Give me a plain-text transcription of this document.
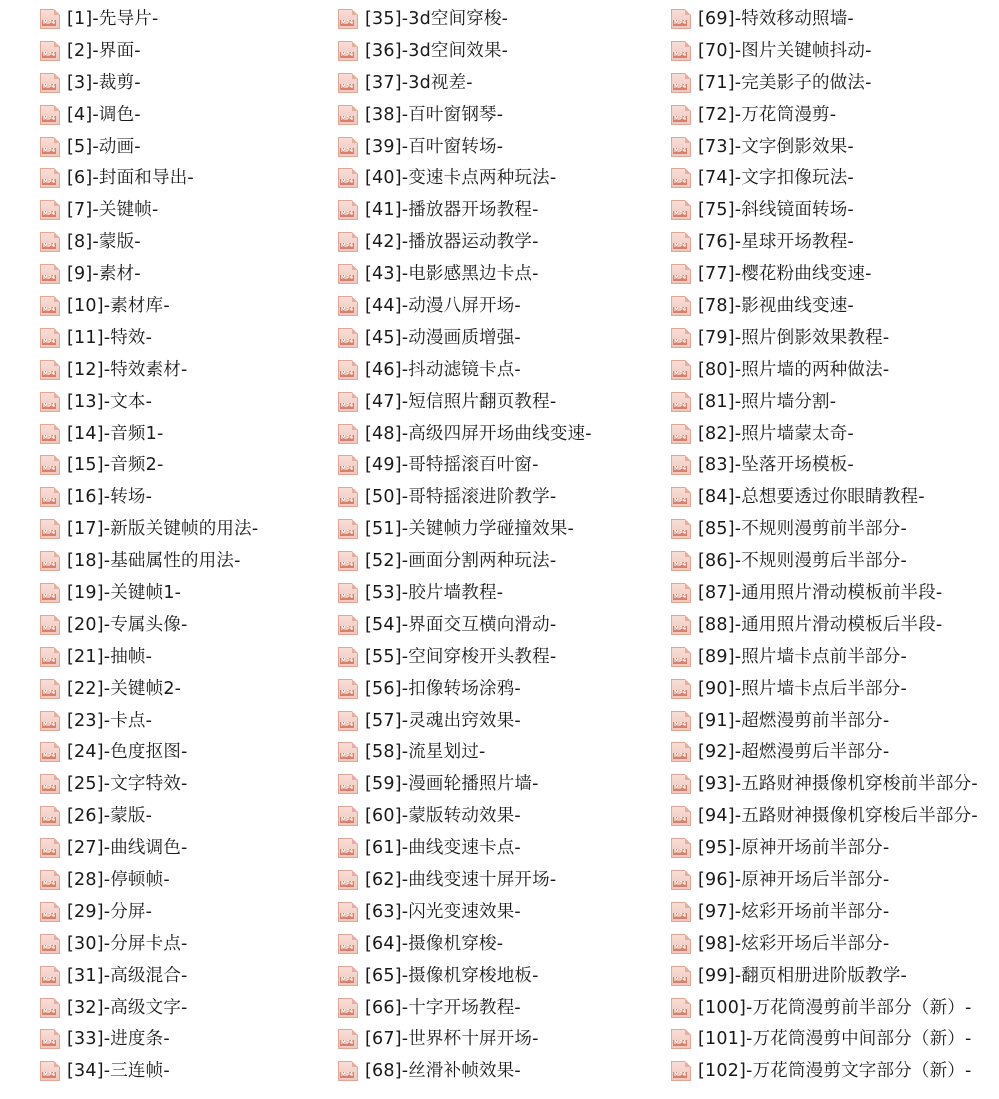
MP4 [1]-先导片-
MP4 [2]-界面-
MP4 [3]-裁剪-
MP4 [4]-调色-
MP4 [5]-动画-
MP4 [6]-封面和导出-
MP4 [7]-关键帧-
MP4 [8]-蒙版-
MP4 [9]-素材-
MP4 [10]-素材库-
MP4 [11]-特效-
MP4 [12]-特效素材-
MP4 [13]-文本-
MP4 [14]-音频1-
MP4 [15]-音频2-
MP4 [16]-转场-
MP4 [17]-新版关键帧的用法-
MP4 [18]-基础属性的用法-
MP4 [19]-关键帧1-
MP4 [20]-专属头像-
MP4 [21]-抽帧-
MP4 [22]-关键帧2-
MP4 [23]-卡点-
MP4 [24]-色度抠图-
MP4 [25]-文字特效-
MP4 [26]-蒙版-
MP4 [27]-曲线调色-
MP4 [28]-停顿帧-
MP4 [29]-分屏-
MP4 [30]-分屏卡点-
MP4 [31]-高级混合-
MP4 [32]-高级文字-
MP4 [33]-进度条-
MP4 [34]-三连帧-
MP4 [35]-3d空间穿梭-
MP4 [36]-3d空间效果-
MP4 [37]-3d视差-
MP4 [38]-百叶窗钢琴-
MP4 [39]-百叶窗转场-
MP4 [40]-变速卡点两种玩法-
MP4 [41]-播放器开场教程-
MP4 [42]-播放器运动教学-
MP4 [43]-电影感黑边卡点-
MP4 [44]-动漫八屏开场-
MP4 [45]-动漫画质增强-
MP4 [46]-抖动滤镜卡点-
MP4 [47]-短信照片翻页教程-
MP4 [48]-高级四屏开场曲线变速-
MP4 [49]-哥特摇滚百叶窗-
MP4 [50]-哥特摇滚进阶教学-
MP4 [51]-关键帧力学碰撞效果-
MP4 [52]-画面分割两种玩法-
MP4 [53]-胶片墙教程-
MP4 [54]-界面交互横向滑动-
MP4 [55]-空间穿梭开头教程-
MP4 [56]-扣像转场涂鸦-
MP4 [57]-灵魂出窍效果-
MP4 [58]-流星划过-
MP4 [59]-漫画轮播照片墙-
MP4 [60]-蒙版转动效果-
MP4 [61]-曲线变速卡点-
MP4 [62]-曲线变速十屏开场-
MP4 [63]-闪光变速效果-
MP4 [64]-摄像机穿梭-
MP4 [65]-摄像机穿梭地板-
MP4 [66]-十字开场教程-
MP4 [67]-世界杯十屏开场-
MP4 [68]-丝滑补帧效果-
MP4 [69]-特效移动照墙-
MP4 [70]-图片关键帧抖动-
MP4 [71]-完美影子的做法-
MP4 [72]-万花筒漫剪-
MP4 [73]-文字倒影效果-
MP4 [74]-文字扣像玩法-
MP4 [75]-斜线镜面转场-
MP4 [76]-星球开场教程-
MP4 [77]-樱花粉曲线变速-
MP4 [78]-影视曲线变速-
MP4 [79]-照片倒影效果教程-
MP4 [80]-照片墙的两种做法-
MP4 [81]-照片墙分割-
MP4 [82]-照片墙蒙太奇-
MP4 [83]-坠落开场模板-
MP4 [84]-总想要透过你眼睛教程-
MP4 [85]-不规则漫剪前半部分-
MP4 [86]-不规则漫剪后半部分-
MP4 [87]-通用照片滑动模板前半段-
MP4 [88]-通用照片滑动模板后半段-
MP4 [89]-照片墙卡点前半部分-
MP4 [90]-照片墙卡点后半部分-
MP4 [91]-超燃漫剪前半部分-
MP4 [92]-超燃漫剪后半部分-
MP4 [93]-五路财神摄像机穿梭前半部分-
MP4 [94]-五路财神摄像机穿梭后半部分-
MP4 [95]-原神开场前半部分-
MP4 [96]-原神开场后半部分-
MP4 [97]-炫彩开场前半部分-
MP4 [98]-炫彩开场后半部分-
MP4 [99]-翻页相册进阶版教学-
MP4 [100]-万花筒漫剪前半部分（新）-
MP4 [101]-万花筒漫剪中间部分（新）-
MP4 [102]-万花筒漫剪文字部分（新）-
